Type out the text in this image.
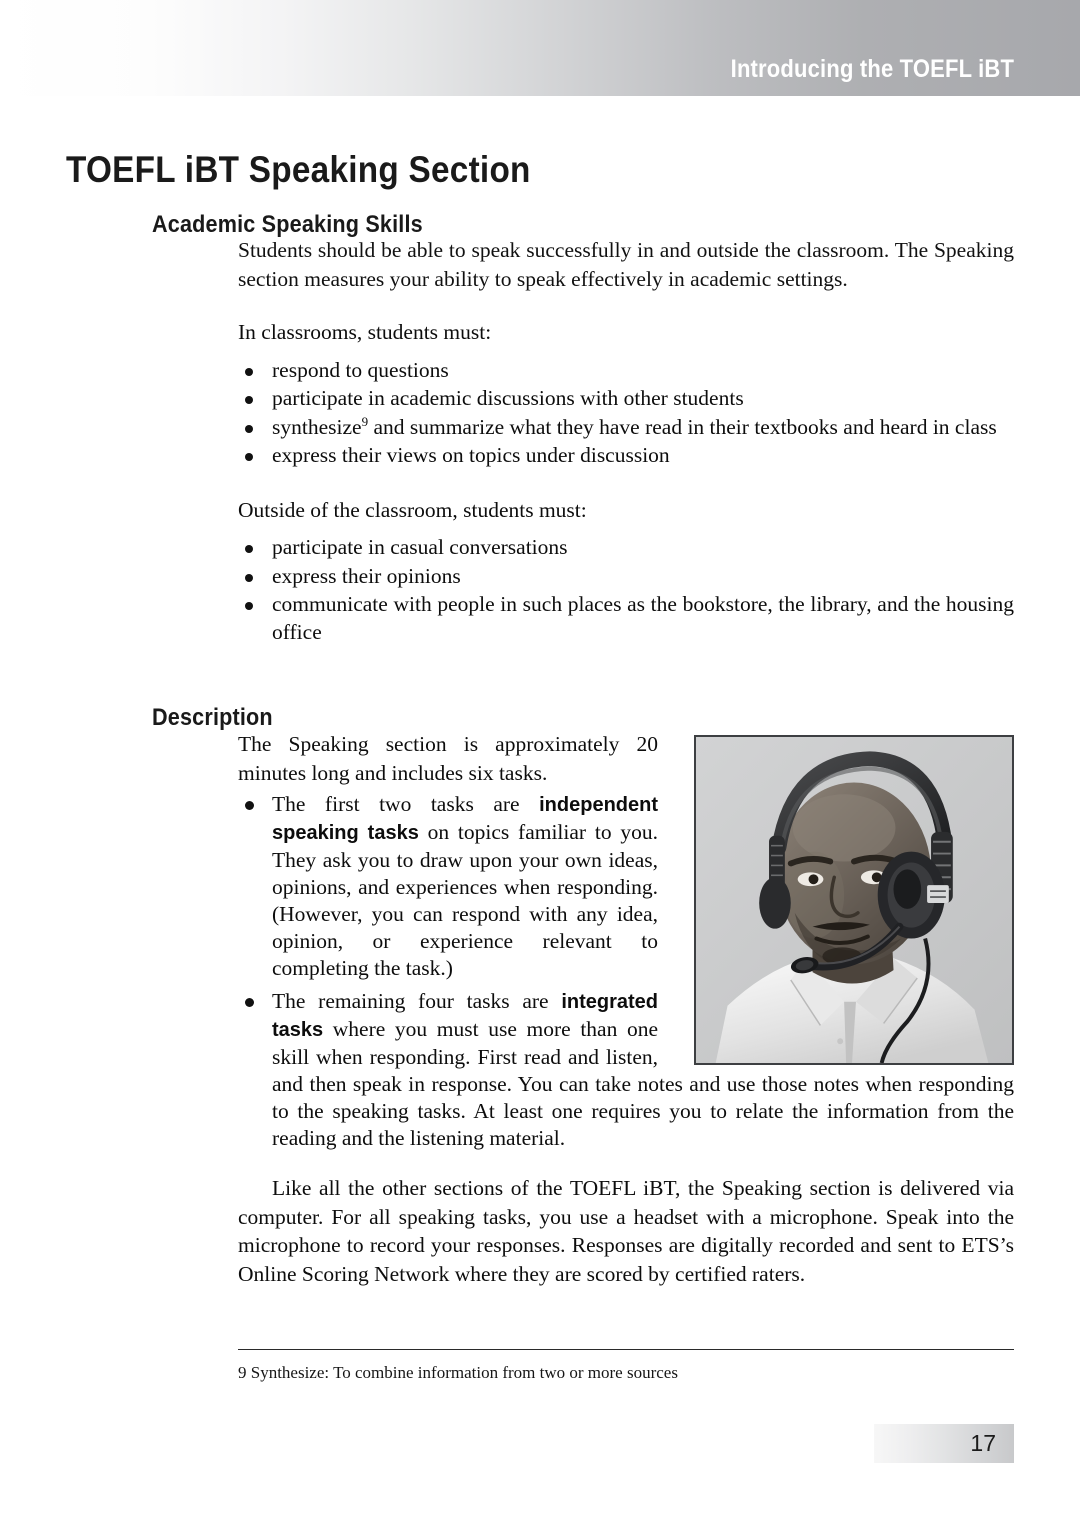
Introducing the TOEFL iBT
TOEFL iBT Speaking Section
Academic Speaking Skills

Students should be able to speak successfully in and outside the classroom. The Speaking section measures your ability to speak effectively in academic settings.

In classrooms, students must:

respond to questions
participate in academic discussions with other students
synthesize$^9$ and summarize what they have read in their textbooks and heard in class
express their views on topics under discussion

Outside of the classroom, students must:

participate in casual conversations
express their opinions
communicate with people in such places as the bookstore, the library, and the housing office
Description

The Speaking section is approximately 20 minutes long and includes six tasks.

The first two tasks are independent speaking tasks on topics familiar to you. They ask you to draw upon your own ideas, opinions, and experiences when responding. (However, you can respond with any idea, opinion, or experience relevant to completing the task.)
The remaining four tasks are integrated tasks where you must use more than one skill when responding. First read and listen, and then speak in response. You can take notes and use those notes when responding to the speaking tasks. At least one requires you to relate the information from the reading and the listening material.

Like all the other sections of the TOEFL iBT, the Speaking section is delivered via computer. For all speaking tasks, you use a headset with a microphone. Speak into the microphone to record your responses. Responses are digitally recorded and sent to ETS’s Online Scoring Network where they are scored by certified raters.

9 Synthesize: To combine information from two or more sources
17
